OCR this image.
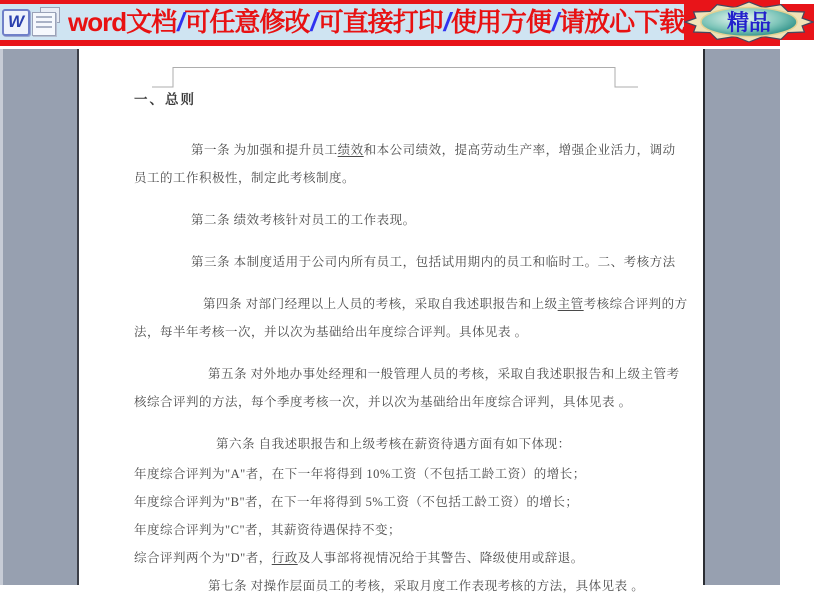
W word文档/可任意修改/可直接打印/使用方便/请放心下载 精品
一、总则
第一条 为加强和提升员工绩效和本公司绩效，提高劳动生产率，增强企业活力，调动
员工的工作积极性，制定此考核制度。
第二条 绩效考核针对员工的工作表现。
第三条 本制度适用于公司内所有员工，包括试用期内的员工和临时工。二、考核方法
第四条 对部门经理以上人员的考核，采取自我述职报告和上级主管考核综合评判的方
法，每半年考核一次，并以次为基础给出年度综合评判。具体见表 。
第五条 对外地办事处经理和一般管理人员的考核，采取自我述职报告和上级主管考
核综合评判的方法，每个季度考核一次，并以次为基础给出年度综合评判，具体见表 。
第六条 自我述职报告和上级考核在薪资待遇方面有如下体现：
年度综合评判为"A"者，在下一年将得到 10%工资（不包括工龄工资）的增长；
年度综合评判为"B"者，在下一年将得到 5%工资（不包括工龄工资）的增长；
年度综合评判为"C"者，其薪资待遇保持不变；
综合评判两个为"D"者，行政及人事部将视情况给于其警告、降级使用或辞退。
第七条 对操作层面员工的考核，采取月度工作表现考核的方法，具体见表 。
